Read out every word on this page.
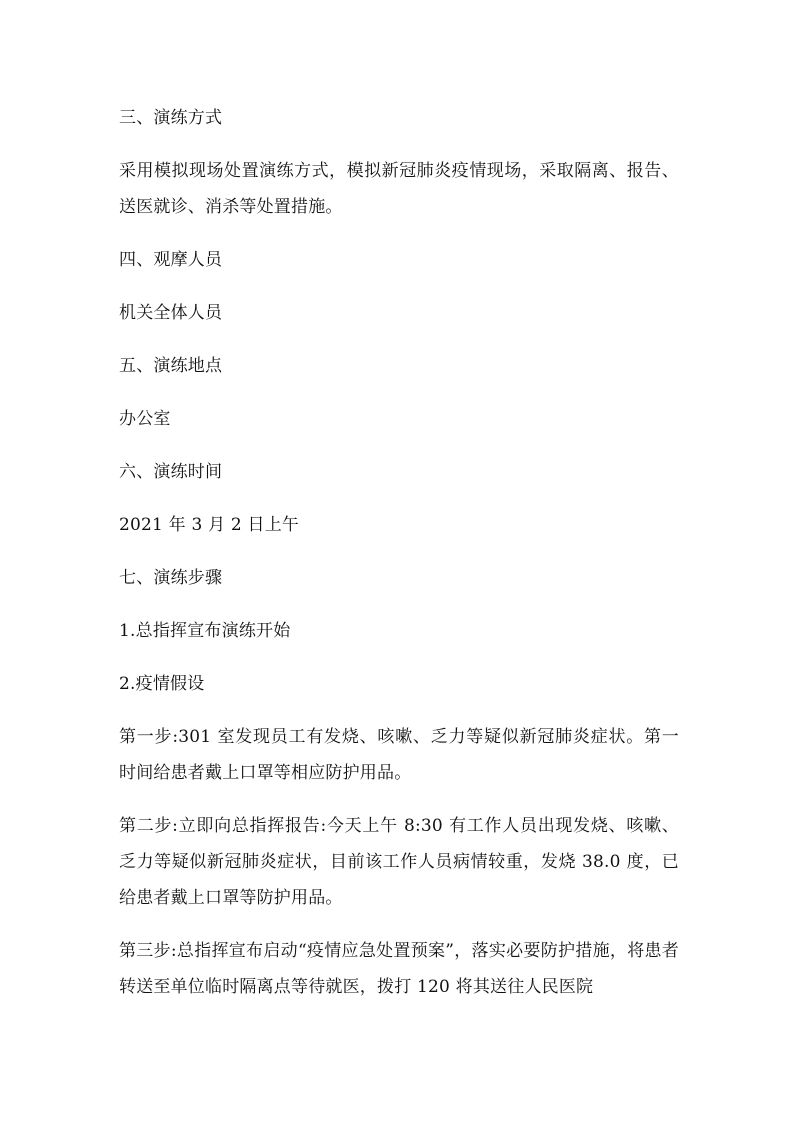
三、演练方式

采用模拟现场处置演练方式，模拟新冠肺炎疫情现场，采取隔离、报告、送医就诊、消杀等处置措施。

四、观摩人员

机关全体人员

五、演练地点

办公室

六、演练时间

2021 年 3 月 2 日上午

七、演练步骤

1.总指挥宣布演练开始

2.疫情假设

第一步:301 室发现员工有发烧、咳嗽、乏力等疑似新冠肺炎症状。第一时间给患者戴上口罩等相应防护用品。

第二步:立即向总指挥报告:今天上午 8:30 有工作人员出现发烧、咳嗽、乏力等疑似新冠肺炎症状，目前该工作人员病情较重，发烧 38.0 度，已给患者戴上口罩等防护用品。

第三步:总指挥宣布启动“疫情应急处置预案”，落实必要防护措施，将患者转送至单位临时隔离点等待就医，拨打 120 将其送往人民医院
